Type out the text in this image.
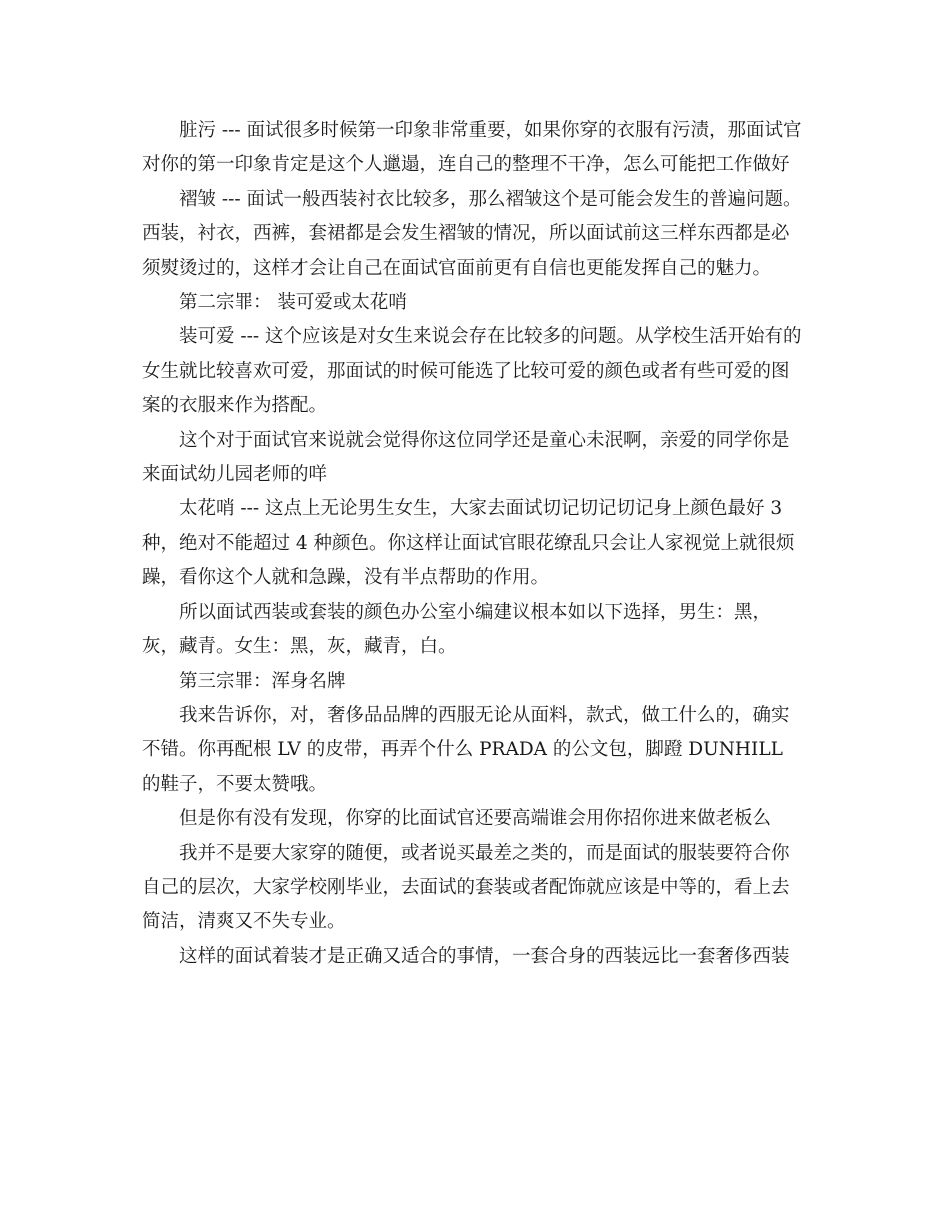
脏污 --- 面试很多时候第一印象非常重要，如果你穿的衣服有污渍，那面试官对你的第一印象肯定是这个人邋遢，连自己的整理不干净，怎么可能把工作做好

褶皱 --- 面试一般西装衬衣比较多，那么褶皱这个是可能会发生的普遍问题。西装，衬衣，西裤，套裙都是会发生褶皱的情况，所以面试前这三样东西都是必须熨烫过的，这样才会让自己在面试官面前更有自信也更能发挥自己的魅力。

第二宗罪： 装可爱或太花哨

装可爱 --- 这个应该是对女生来说会存在比较多的问题。从学校生活开始有的女生就比较喜欢可爱，那面试的时候可能选了比较可爱的颜色或者有些可爱的图案的衣服来作为搭配。

这个对于面试官来说就会觉得你这位同学还是童心未泯啊，亲爱的同学你是来面试幼儿园老师的咩

太花哨 --- 这点上无论男生女生，大家去面试切记切记切记身上颜色最好 3 种，绝对不能超过 4 种颜色。你这样让面试官眼花缭乱只会让人家视觉上就很烦躁，看你这个人就和急躁，没有半点帮助的作用。

所以面试西装或套装的颜色办公室小编建议根本如以下选择，男生：黑，灰，藏青。女生：黑，灰，藏青，白。

第三宗罪：浑身名牌

我来告诉你，对，奢侈品品牌的西服无论从面料，款式，做工什么的，确实不错。你再配根 LV 的皮带，再弄个什么 PRADA 的公文包，脚蹬 DUNHILL 的鞋子，不要太赞哦。

但是你有没有发现，你穿的比面试官还要高端谁会用你招你进来做老板么

我并不是要大家穿的随便，或者说买最差之类的，而是面试的服装要符合你自己的层次，大家学校刚毕业，去面试的套装或者配饰就应该是中等的，看上去简洁，清爽又不失专业。

这样的面试着装才是正确又适合的事情，一套合身的西装远比一套奢侈西装
